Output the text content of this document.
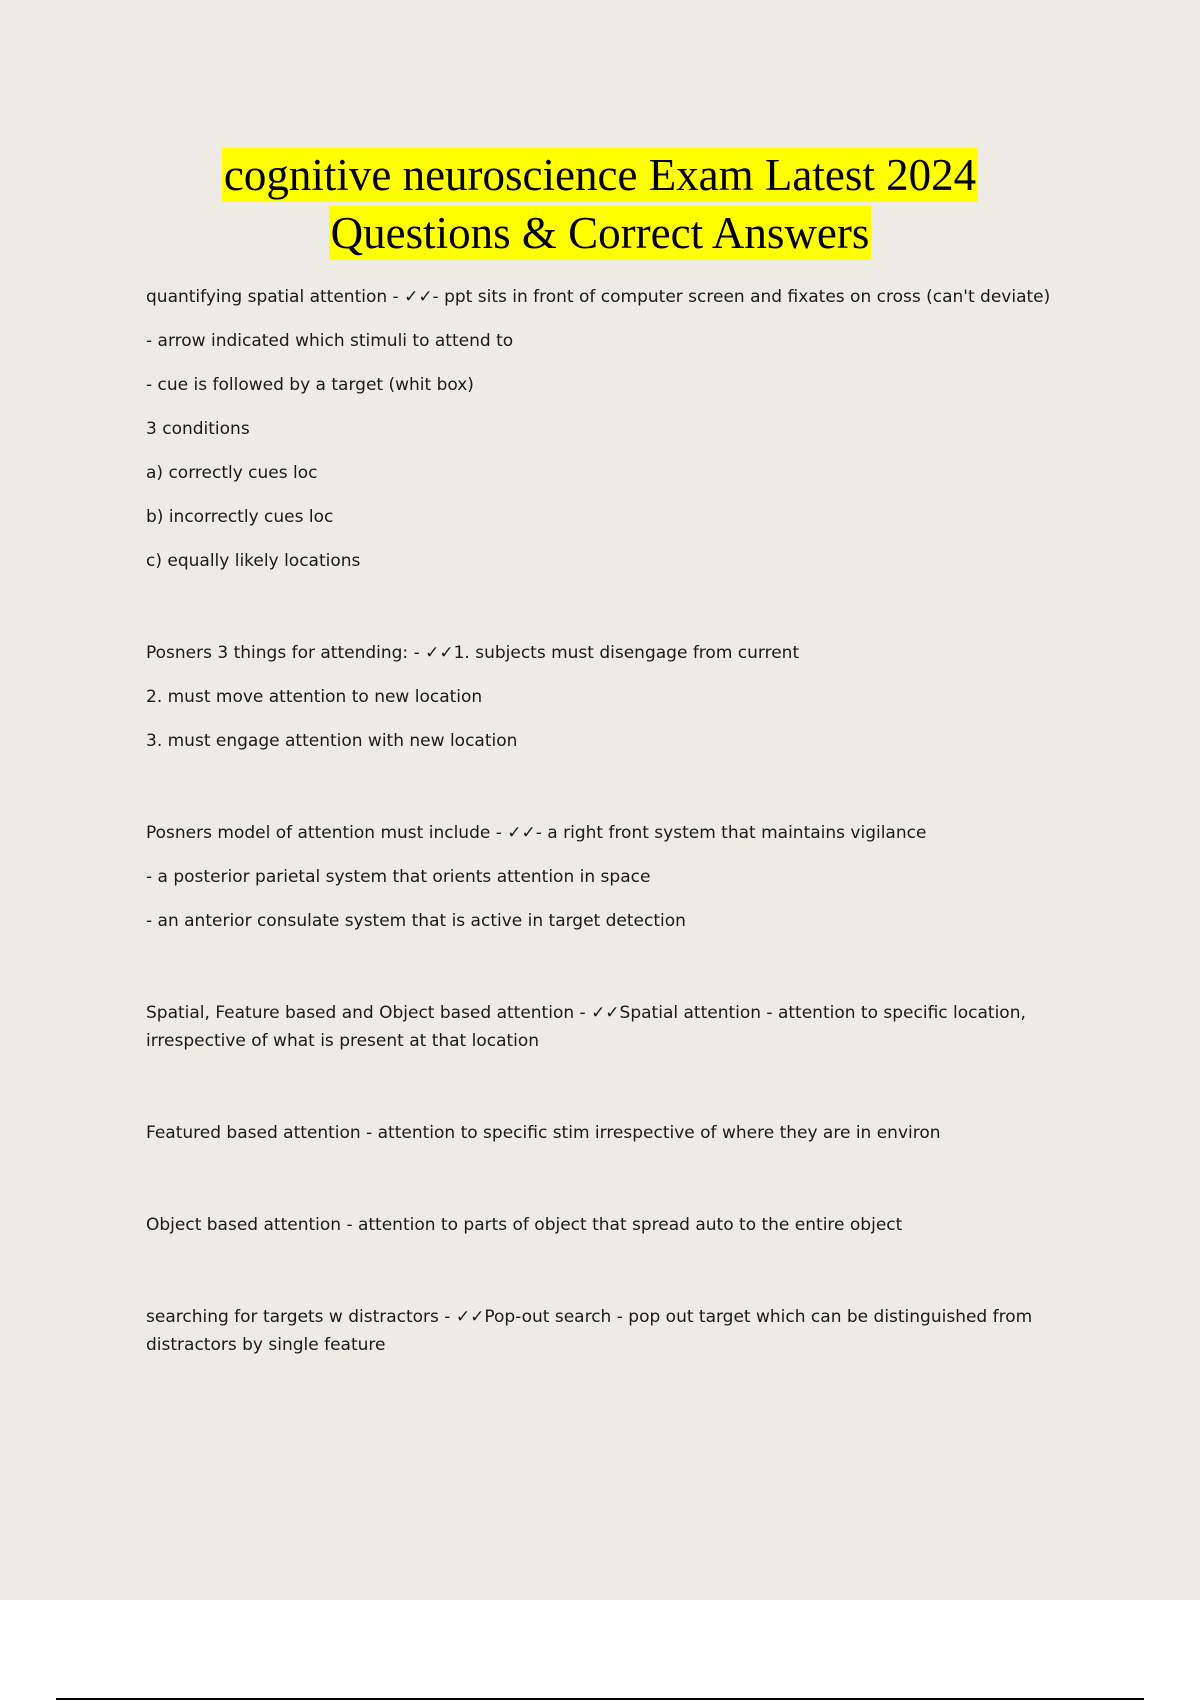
cognitive neuroscience Exam Latest 2024
Questions & Correct Answers

quantifying spatial attention - ✓✓- ppt sits in front of computer screen and fixates on cross (can't deviate)

- arrow indicated which stimuli to attend to

- cue is followed by a target (whit box)

3 conditions

a) correctly cues loc

b) incorrectly cues loc

c) equally likely locations

Posners 3 things for attending: - ✓✓1. subjects must disengage from current

2. must move attention to new location

3. must engage attention with new location

Posners model of attention must include - ✓✓- a right front system that maintains vigilance

- a posterior parietal system that orients attention in space

- an anterior consulate system that is active in target detection

Spatial, Feature based and Object based attention - ✓✓Spatial attention - attention to specific location, irrespective of what is present at that location

Featured based attention - attention to specific stim irrespective of where they are in environ

Object based attention - attention to parts of object that spread auto to the entire object

searching for targets w distractors - ✓✓Pop-out search - pop out target which can be distinguished from distractors by single feature
